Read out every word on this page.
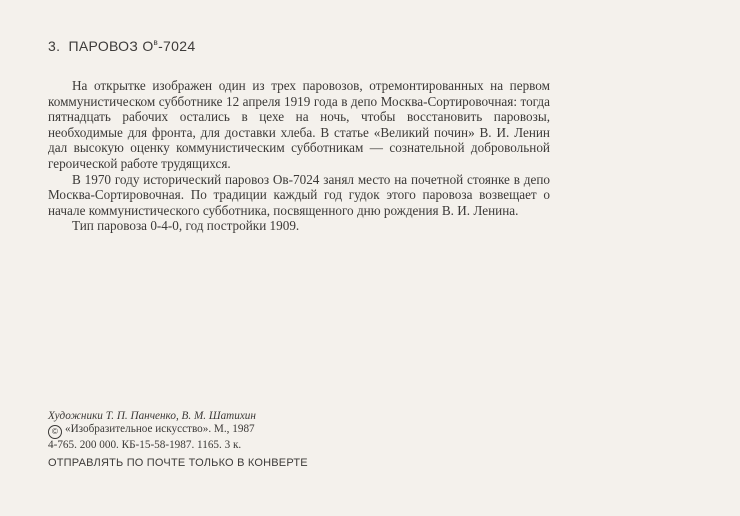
3. ПАРОВОЗ $О^в-7024$

На открытке изображен один из трех паровозов, отремонтированных на первом коммунистическом субботнике 12 апреля 1919 года в депо Москва-Сортировочная: тогда пятнадцать рабочих остались в цехе на ночь, чтобы восстановить паровозы, необходимые для фронта, для доставки хлеба. В статье «Великий почин» В. И. Ленин дал высокую оценку коммунистическим субботникам — сознательной добровольной героической работе трудящихся.

В 1970 году исторический паровоз Ов-7024 занял место на почетной стоянке в депо Москва-Сортировочная. По традиции каждый год гудок этого паровоза возвещает о начале коммунистического субботника, посвященного дню рождения В. И. Ленина.

Тип паровоза 0-4-0, год постройки 1909.

Художники Т. П. Панченко, В. М. Шатихин
© «Изобразительное искусство». М., 1987
4-765. 200 000. КБ-15-58-1987. 1165. 3 к.
ОТПРАВЛЯТЬ ПО ПОЧТЕ ТОЛЬКО В КОНВЕРТЕ
